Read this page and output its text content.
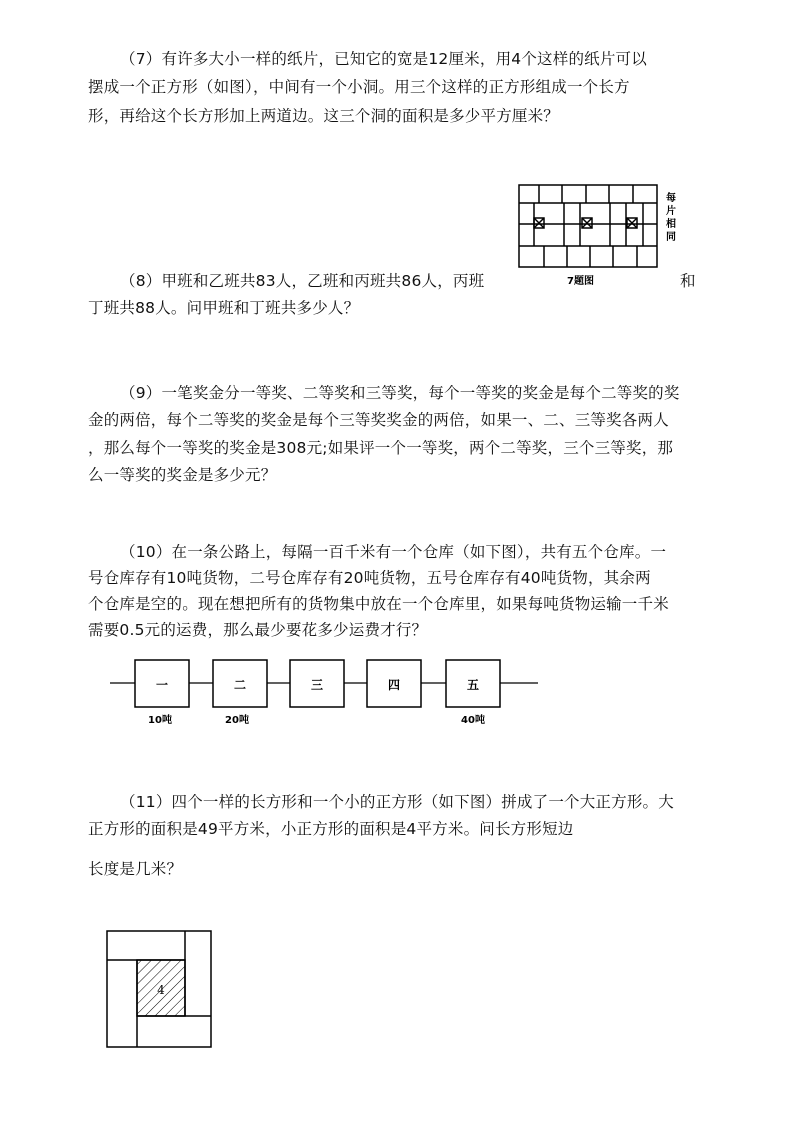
（7）有许多大小一样的纸片，已知它的宽是12厘米，用4个这样的纸片可以
摆成一个正方形（如图），中间有一个小洞。用三个这样的正方形组成一个长方
形，再给这个长方形加上两道边。这三个洞的面积是多少平方厘米？
每
片
相
同
7题图
（8）甲班和乙班共83人，乙班和丙班共86人，丙班	和
丁班共88人。问甲班和丁班共多少人？
（9）一笔奖金分一等奖、二等奖和三等奖，每个一等奖的奖金是每个二等奖的奖
金的两倍，每个二等奖的奖金是每个三等奖奖金的两倍，如果一、二、三等奖各两人
，那么每个一等奖的奖金是308元;如果评一个一等奖，两个二等奖，三个三等奖，那
么一等奖的奖金是多少元？
（10）在一条公路上，每隔一百千米有一个仓库（如下图），共有五个仓库。一
号仓库存有10吨货物，二号仓库存有20吨货物，五号仓库存有40吨货物，其余两
个仓库是空的。现在想把所有的货物集中放在一个仓库里，如果每吨货物运输一千米
需要0.5元的运费，那么最少要花多少运费才行？
一	二	三	四	五
10吨	20吨	40吨
（11）四个一样的长方形和一个小的正方形（如下图）拼成了一个大正方形。大
正方形的面积是49平方米，小正方形的面积是4平方米。问长方形短边
长度是几米？
4
